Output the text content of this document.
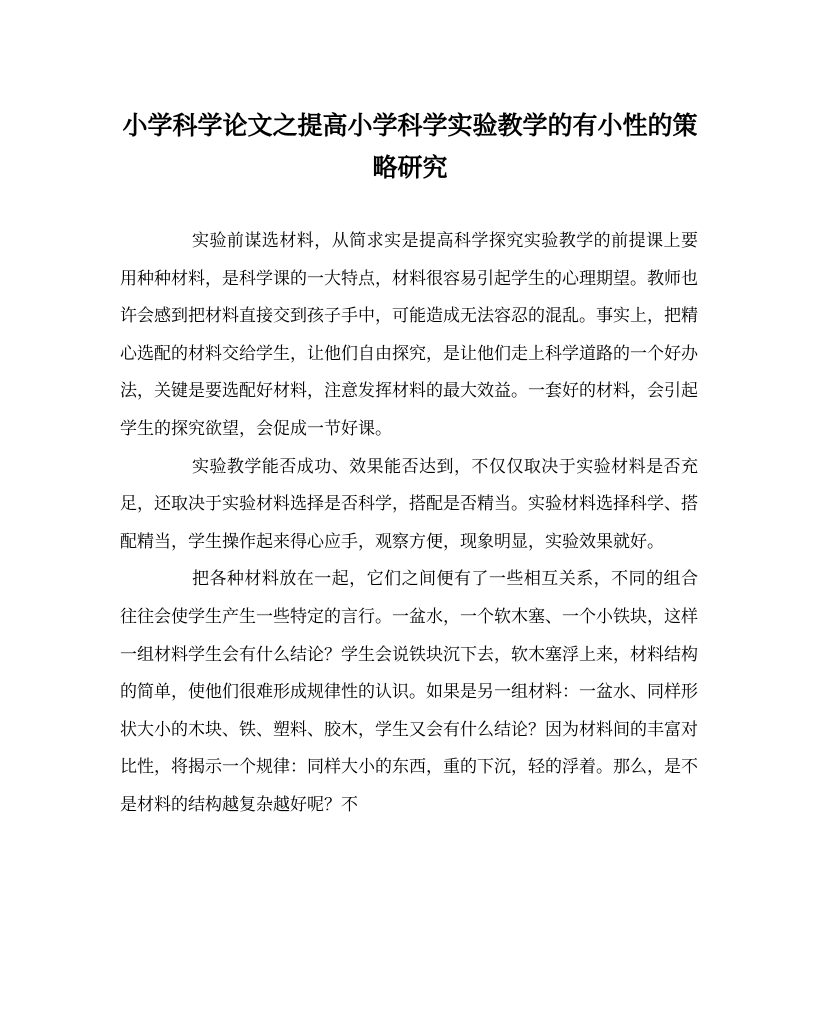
小学科学论文之提高小学科学实验教学的有小性的策略研究

实验前谋选材料，从简求实是提高科学探究实验教学的前提课上要用种种材料，是科学课的一大特点，材料很容易引起学生的心理期望。教师也许会感到把材料直接交到孩子手中，可能造成无法容忍的混乱。事实上，把精心选配的材料交给学生，让他们自由探究，是让他们走上科学道路的一个好办法，关键是要选配好材料，注意发挥材料的最大效益。一套好的材料，会引起学生的探究欲望，会促成一节好课。

实验教学能否成功、效果能否达到，不仅仅取决于实验材料是否充足，还取决于实验材料选择是否科学，搭配是否精当。实验材料选择科学、搭配精当，学生操作起来得心应手，观察方便，现象明显，实验效果就好。

把各种材料放在一起，它们之间便有了一些相互关系，不同的组合往往会使学生产生一些特定的言行。一盆水，一个软木塞、一个小铁块，这样一组材料学生会有什么结论？学生会说铁块沉下去，软木塞浮上来，材料结构的简单，使他们很难形成规律性的认识。如果是另一组材料：一盆水、同样形状大小的木块、铁、塑料、胶木，学生又会有什么结论？因为材料间的丰富对比性，将揭示一个规律：同样大小的东西，重的下沉，轻的浮着。那么，是不是材料的结构越复杂越好呢？不
